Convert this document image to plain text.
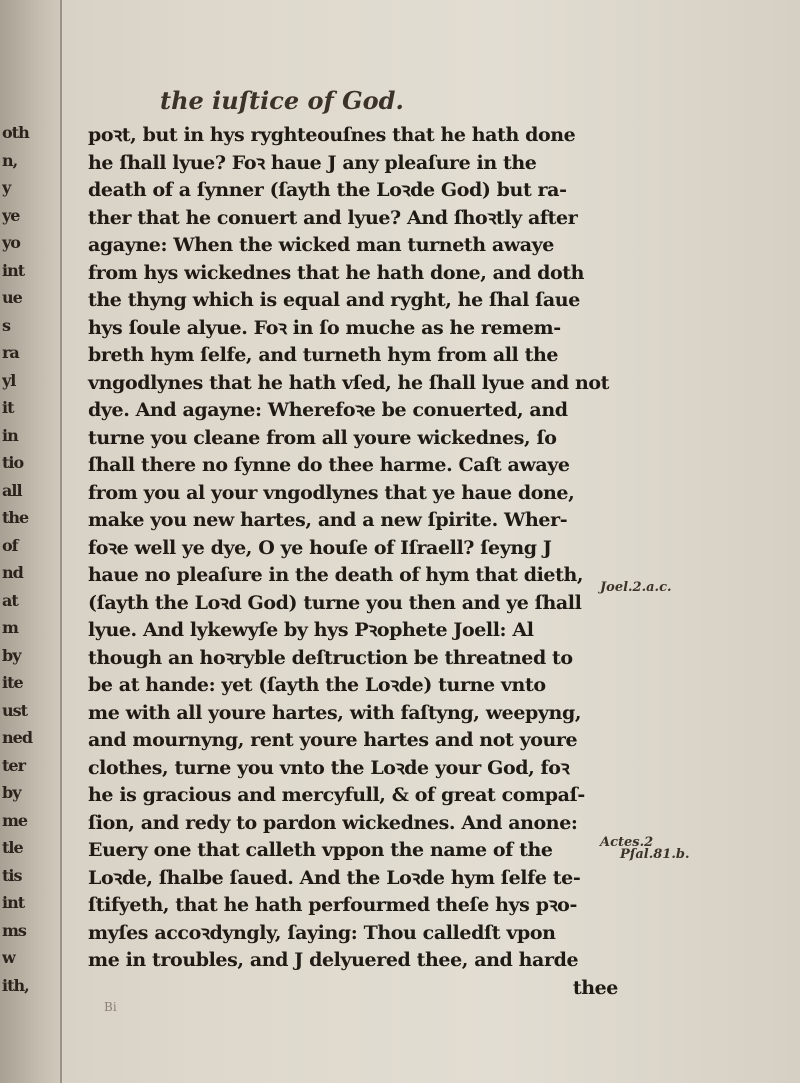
oth
n,
y
ye
yo
int
ue
s
ra
yl
it
in
tio
all
the
of
nd
at
m
by
ite
ust
ned
ter
by
me
tle
tis
int
ms
w
ith,
the iuſtice of God.
poꝛt, but in hys ryghteouſnes that he hath done
he ſhall lyue? Foꝛ haue J any pleaſure in the
death of a ſynner (ſayth the Loꝛde God) but ra-
ther that he conuert and lyue? And ſhoꝛtly after
agayne: When the wicked man turneth awaye
from hys wickednes that he hath done, and doth
the thyng which is equal and ryght, he ſhal ſaue
hys ſoule alyue. Foꝛ in ſo muche as he remem-
breth hym ſelfe, and turneth hym from all the
vngodlynes that he hath vſed, he ſhall lyue and not
dye. And agayne: Wherefoꝛe be conuerted, and
turne you cleane from all youre wickednes, ſo
ſhall there no ſynne do thee harme. Caſt awaye
from you al your vngodlynes that ye haue done,
make you new hartes, and a new ſpirite. Wher-
foꝛe well ye dye, O ye houſe of Iſraell? ſeyng J
haue no pleaſure in the death of hym that dieth,
(ſayth the Loꝛd God) turne you then and ye ſhall
lyue. And lykewyſe by hys Pꝛophete Joell: Al
though an hoꝛryble deſtruction be threatned to
be at hande: yet (ſayth the Loꝛde) turne vnto
me with all youre hartes, with faſtyng, weepyng,
and mournyng, rent youre hartes and not youre
clothes, turne you vnto the Loꝛde your God, foꝛ
he is gracious and mercyfull, & of great compaſ-
ſion, and redy to pardon wickednes. And anone:
Euery one that calleth vppon the name of the
Loꝛde, ſhalbe ſaued. And the Loꝛde hym ſelfe te-
ſtifyeth, that he hath perfourmed theſe hys pꝛo-
myſes accoꝛdyngly, ſaying: Thou calledſt vpon
me in troubles, and J delyuered thee, and harde
thee
Joel.2.a.c.
Actes.2
Pſal.81.b.
Bi
